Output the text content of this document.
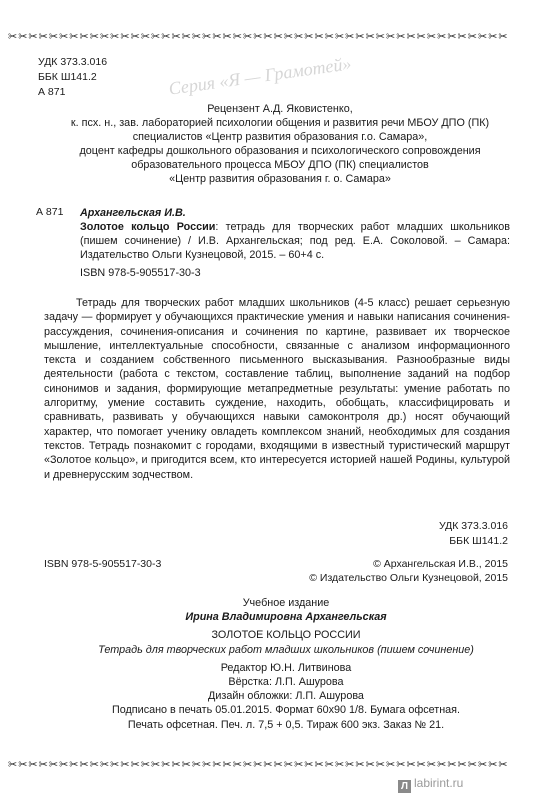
✂✂✂✂✂✂✂✂✂✂✂✂✂✂✂✂✂✂✂✂✂✂✂✂✂✂✂✂✂✂✂✂✂✂✂✂✂✂✂✂✂✂✂✂✂✂✂✂✂
УДК 373.3.016
ББК Ш141.2
А 871	Серия «Я — Грамотей»
Рецензент А.Д. Яковистенко,
к. псх. н., зав. лабораторией психологии общения и развития речи МБОУ ДПО (ПК)
специалистов «Центр развития образования г.о. Самара»,
доцент кафедры дошкольного образования и психологического сопровождения
образовательного процесса МБОУ ДПО (ПК) специалистов
«Центр развития образования г. о. Самара»
А 871 Архангельская И.В.
Золотое кольцо России: тетрадь для творческих работ младших школьников (пишем сочинение) / И.В. Архангельская; под ред. Е.А. Соколовой. – Самара: Издательство Ольги Кузнецовой, 2015. – 60+4 с.
ISBN 978-5-905517-30-3
Тетрадь для творческих работ младших школьников (4-5 класс) решает серьезную задачу — формирует у обучающихся практические умения и навыки написания сочинения-рассуждения, сочинения-описания и сочинения по картине, развивает их творческое мышление, интеллектуальные способности, связанные с анализом информационного текста и созданием собственного письменного высказывания. Разнообразные виды деятельности (работа с текстом, составление таблиц, выполнение заданий на подбор синонимов и задания, формирующие метапредметные результаты: умение работать по алгоритму, умение составить суждение, находить, обобщать, классифицировать и сравнивать, развивать у обучающихся навыки самоконтроля др.) носят обучающий характер, что помогает ученику овладеть комплексом знаний, необходимых для создания текстов. Тетрадь познакомит с городами, входящими в известный туристический маршрут «Золотое кольцо», и пригодится всем, кто интересуется историей нашей Родины, культурой и древнерусским зодчеством.
УДК 373.3.016
ББК Ш141.2
ISBN 978-5-905517-30-3	© Архангельская И.В., 2015
© Издательство Ольги Кузнецовой, 2015
Учебное издание
Ирина Владимировна Архангельская
ЗОЛОТОЕ КОЛЬЦО РОССИИ
Тетрадь для творческих работ младших школьников (пишем сочинение)
Редактор Ю.Н. Литвинова
Вёрстка: Л.П. Ашурова
Дизайн обложки: Л.П. Ашурова
Подписано в печать 05.01.2015. Формат 60х90 1/8. Бумага офсетная.
Печать офсетная. Печ. л. 7,5 + 0,5. Тираж 600 экз. Заказ № 21.
✂✂✂✂✂✂✂✂✂✂✂✂✂✂✂✂✂✂✂✂✂✂✂✂✂✂✂✂✂✂✂✂✂✂✂✂✂✂✂✂✂✂✂✂✂✂✂✂✂
Л labirint.ru
